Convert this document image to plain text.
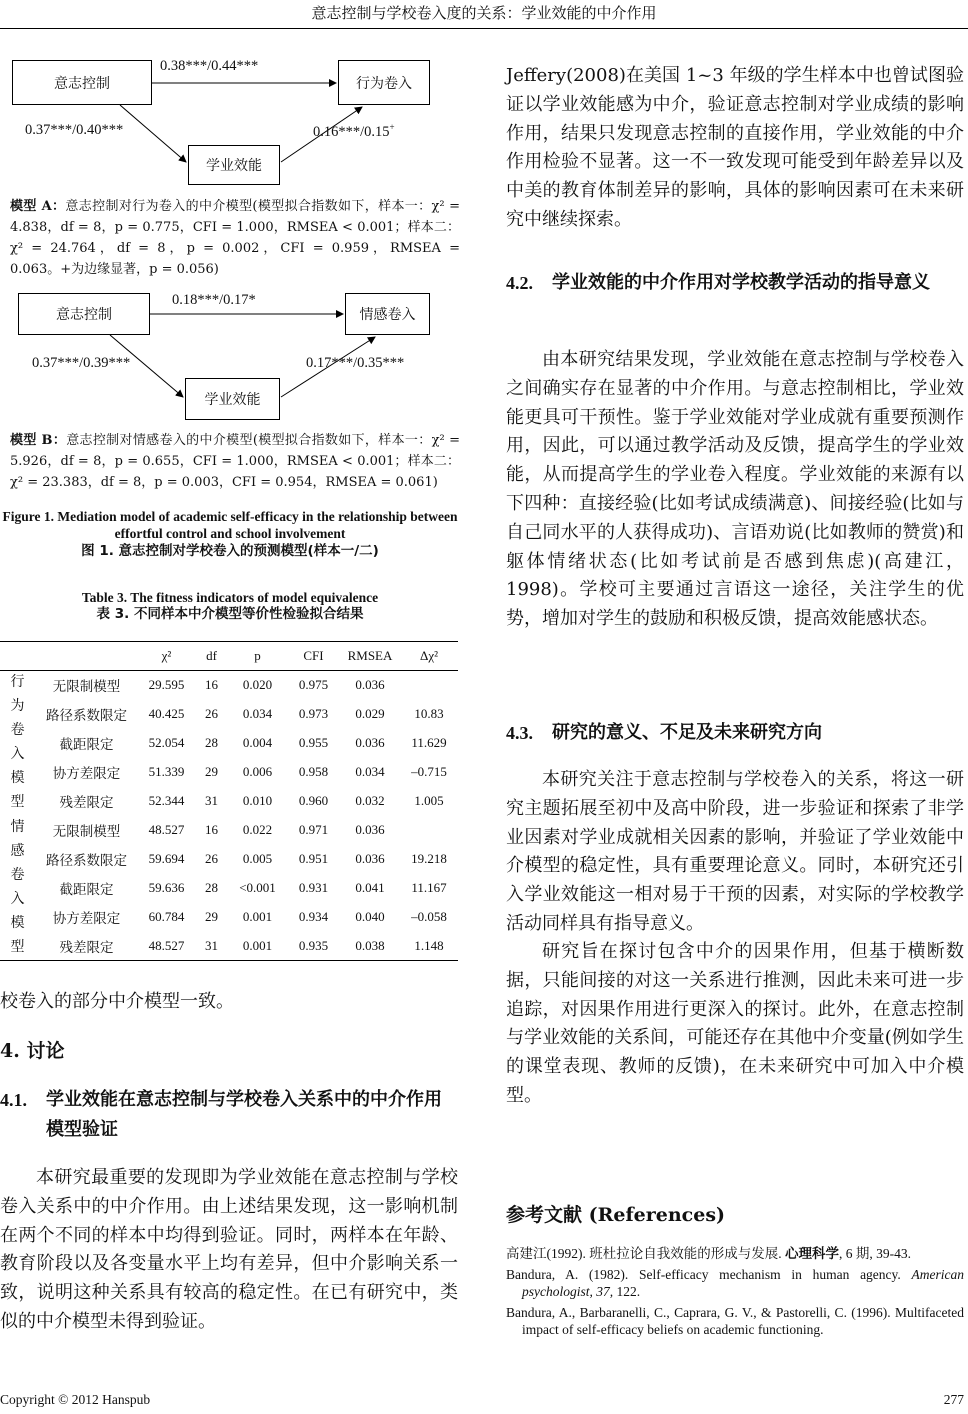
意志控制与学校卷入度的关系：学业效能的中介作用
意志控制	行为卷入
学业效能
0.38***/0.44***
0.37***/0.40***	0.16***/0.15+
模型 A：意志控制对行为卷入的中介模型(模型拟合指数如下，样本一：χ² = 4.838，df = 8，p = 0.775，CFI = 1.000，RMSEA < 0.001；样本二：χ² = 24.764，df = 8，p = 0.002，CFI = 0.959，RMSEA = 0.063。+为边缘显著，p = 0.056)
意志控制	情感卷入
学业效能
0.18***/0.17*
0.37***/0.39***	0.17***/0.35***
模型 B：意志控制对情感卷入的中介模型(模型拟合指数如下，样本一：χ² = 5.926，df = 8，p = 0.655，CFI = 1.000，RMSEA < 0.001；样本二：χ² = 23.383，df = 8，p = 0.003，CFI = 0.954，RMSEA = 0.061)
Figure 1. Mediation model of academic self-efficacy in the relationship between effortful control and school involvement
图 1. 意志控制对学校卷入的预测模型(样本一/二)
Table 3. The fitness indicators of model equivalence
表 3. 不同样本中介模型等价性检验拟合结果
		χ²	df	p	CFI	RMSEA	Δχ²
行为卷入模型	无限制模型	29.595	16	0.020	0.975	0.036	
	路径系数限定	40.425	26	0.034	0.973	0.029	10.83
	截距限定	52.054	28	0.004	0.955	0.036	11.629
	协方差限定	51.339	29	0.006	0.958	0.034	–0.715
	残差限定	52.344	31	0.010	0.960	0.032	1.005
情感卷入模型	无限制模型	48.527	16	0.022	0.971	0.036	
	路径系数限定	59.694	26	0.005	0.951	0.036	19.218
	截距限定	59.636	28	<0.001	0.931	0.041	11.167
	协方差限定	60.784	29	0.001	0.934	0.040	–0.058
	残差限定	48.527	31	0.001	0.935	0.038	1.148
校卷入的部分中介模型一致。
4. 讨论
4.1.	学业效能在意志控制与学校卷入关系中的中介作用模型验证
本研究最重要的发现即为学业效能在意志控制与学校卷入关系中的中介作用。由上述结果发现，这一影响机制在两个不同的样本中均得到验证。同时，两样本在年龄、教育阶段以及各变量水平上均有差异，但中介影响关系一致，说明这种关系具有较高的稳定性。在已有研究中，类似的中介模型未得到验证。
Jeffery(2008)在美国 1~3 年级的学生样本中也曾试图验证以学业效能感为中介，验证意志控制对学业成绩的影响作用，结果只发现意志控制的直接作用，学业效能的中介作用检验不显著。这一不一致发现可能受到年龄差异以及中美的教育体制差异的影响，具体的影响因素可在未来研究中继续探索。
4.2.	学业效能的中介作用对学校教学活动的指导意义
由本研究结果发现，学业效能在意志控制与学校卷入之间确实存在显著的中介作用。与意志控制相比，学业效能更具可干预性。鉴于学业效能对学业成就有重要预测作用，因此，可以通过教学活动及反馈，提高学生的学业效能，从而提高学生的学业卷入程度。学业效能的来源有以下四种：直接经验(比如考试成绩满意)、间接经验(比如与自己同水平的人获得成功)、言语劝说(比如教师的赞赏)和躯体情绪状态(比如考试前是否感到焦虑)(高建江，1998)。学校可主要通过言语这一途径，关注学生的优势，增加对学生的鼓励和积极反馈，提高效能感状态。
4.3.	研究的意义、不足及未来研究方向
本研究关注于意志控制与学校卷入的关系，将这一研究主题拓展至初中及高中阶段，进一步验证和探索了非学业因素对学业成就相关因素的影响，并验证了学业效能中介模型的稳定性，具有重要理论意义。同时，本研究还引入学业效能这一相对易于干预的因素，对实际的学校教学活动同样具有指导意义。
研究旨在探讨包含中介的因果作用，但基于横断数据，只能间接的对这一关系进行推测，因此未来可进一步追踪，对因果作用进行更深入的探讨。此外，在意志控制与学业效能的关系间，可能还存在其他中介变量(例如学生的课堂表现、教师的反馈)，在未来研究中可加入中介模型。
参考文献 (References)
高建江(1992). 班杜拉论自我效能的形成与发展. 心理科学, 6 期, 39-43.
Bandura, A. (1982). Self-efficacy mechanism in human agency. American psychologist, 37, 122.
Bandura, A., Barbaranelli, C., Caprara, G. V., & Pastorelli, C. (1996). Multifaceted impact of self-efficacy beliefs on academic functioning.
Copyright © 2012 Hanspub	277
